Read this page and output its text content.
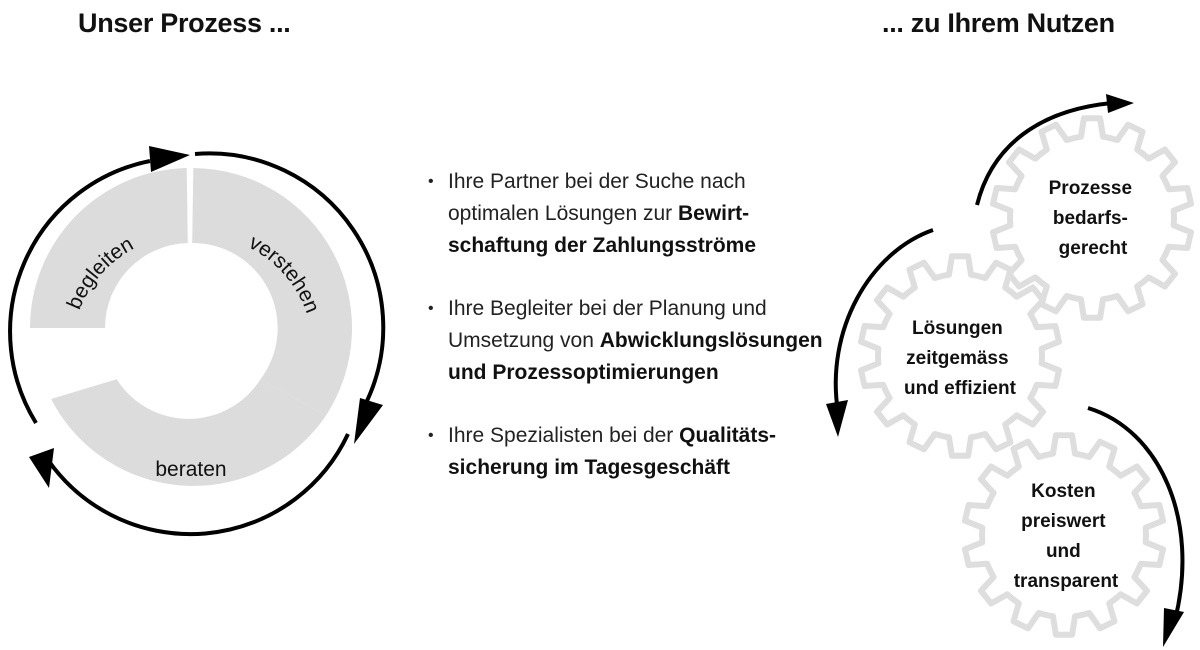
Unser Prozess ...	... zu Ihrem Nutzen
begleiten	verstehen
beraten
Prozesse bedarfs- gerecht
Lösungen zeitgemäss und effizient
Kosten preiswert und transparent
• Ihre Partner bei der Suche nach optimalen Lösungen zur Bewirt-schaftung der Zahlungsströme
• Ihre Begleiter bei der Planung und Umsetzung von Abwicklungslösungen und Prozessoptimierungen
• Ihre Spezialisten bei der Qualitäts-sicherung im Tagesgeschäft
